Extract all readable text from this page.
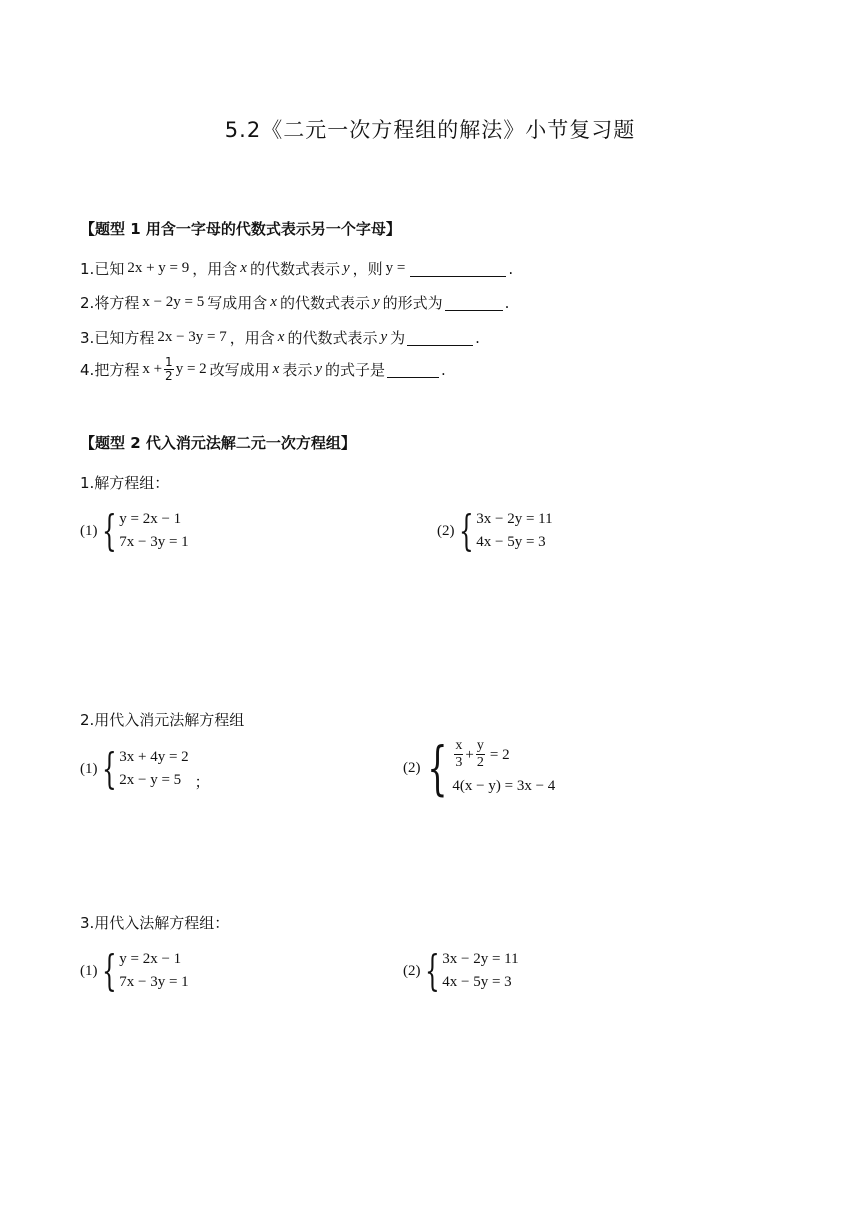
5.2《二元一次方程组的解法》小节复习题
【题型 1 用含一字母的代数式表示另一个字母】
1. 已知 2x + y = 9 ，用含 x 的代数式表示 y ，则 y =	.
2. 将方程 x − 2y = 5 写成用含 x 的代数式表示 y 的形式为	.
3. 已知方程 2x − 3y = 7 ，用含 x 的代数式表示 y 为	.
4. 把方程 $x + \frac{1}{2}$ y = 2 改写成用 x 表示 y 的式子是	.
【题型 2 代入消元法解二元一次方程组】
1.解方程组：
(1) { y = 2x − 1
7x − 3y = 1
(2) { 3x − 2y = 11
4x − 5y = 3
2.用代入消元法解方程组
(1) { 3x + 4y = 2
2x − y = 5 ；
(2) { $\frac{x}{3} + \frac{y}{2} = 2$
4(x − y) = 3x − 4
3.用代入法解方程组：
(1) { y = 2x − 1
7x − 3y = 1
(2) { 3x − 2y = 11
4x − 5y = 3
